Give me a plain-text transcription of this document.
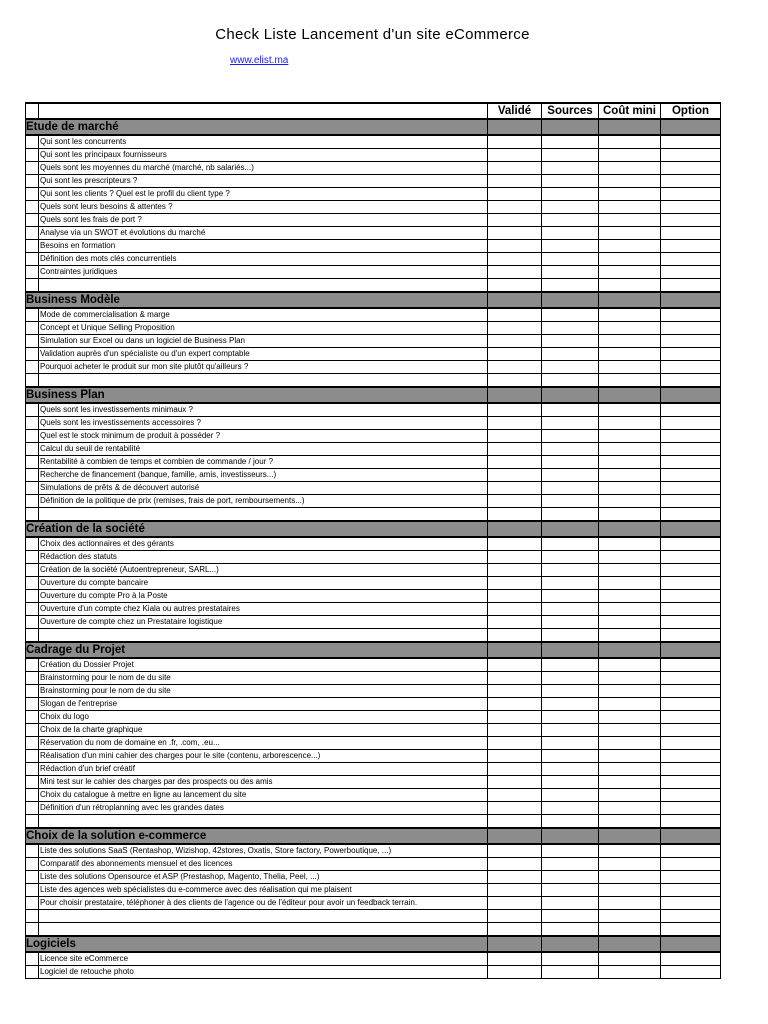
Check Liste Lancement d'un site eCommerce
www.elist.ma
		Validé	Sources	Coût mini	Option
Etude de marché					
	Qui sont les concurrents				
	Qui sont les principaux fournisseurs				
	Quels sont les moyennes du marché (marché, nb salariés...)				
	Qui sont les prescripteurs ?				
	Qui sont les clients ? Quel est le profil du client type ?				
	Quels sont leurs besoins & attentes ?				
	Quels sont les frais de port ?				
	Analyse via un SWOT et évolutions du marché				
	Besoins en formation				
	Définition des mots clés concurrentiels				
	Contraintes juridiques				

Business Modèle					
	Mode de commercialisation & marge				
	Concept et Unique Selling Proposition				
	Simulation sur Excel ou dans un logiciel de Business Plan				
	Validation auprès d'un spécialiste ou d'un expert comptable				
	Pourquoi acheter le produit sur mon site plutôt qu'ailleurs ?				

Business Plan					
	Quels sont les investissements minimaux ?				
	Quels sont les investissements accessoires ?				
	Quel est le stock minimum de produit à posséder ?				
	Calcul du seuil de rentabilité				
	Rentabilité à combien de temps et combien de commande / jour ?				
	Recherche de financement (banque, famille, amis, investisseurs...)				
	Simulations de prêts & de découvert autorisé				
	Définition de la politique de prix (remises, frais de port, remboursements...)				

Création de la société					
	Choix des actionnaires et des gérants				
	Rédaction des statuts				
	Création de la société (Autoentrepreneur, SARL...)				
	Ouverture du compte bancaire				
	Ouverture du compte Pro à la Poste				
	Ouverture d'un compte chez Kiala ou autres prestataires				
	Ouverture de compte chez un Prestataire logistique				

Cadrage du Projet					
	Création du Dossier Projet				
	Brainstorming pour le nom de du site				
	Brainstorming pour le nom de du site				
	Slogan de l'entreprise				
	Choix du logo				
	Choix de la charte graphique				
	Réservation du nom de domaine en .fr, .com, .eu...				
	Réalisation d'un mini cahier des charges pour le site (contenu, arborescence...)				
	Rédaction d'un brief créatif				
	Mini test sur le cahier des charges par des prospects ou des amis				
	Choix du catalogue à mettre en ligne au lancement du site				
	Définition d'un rétroplanning avec les grandes dates				

Choix de la solution e-commerce					
	Liste des solutions SaaS (Rentashop, Wizishop, 42stores, Oxatis, Store factory, Powerboutique, ...)				
	Comparatif des abonnements mensuel et des licences				
	Liste des solutions Opensource et ASP (Prestashop, Magento, Thelia, Peel, ...)				
	Liste des agences web spécialistes du e-commerce avec des réalisation qui me plaisent				
	Pour choisir prestataire, téléphoner à des clients de l'agence ou de l'éditeur pour avoir un feedback terrain.				

Logiciels					
	Licence site eCommerce				
	Logiciel de retouche photo				
